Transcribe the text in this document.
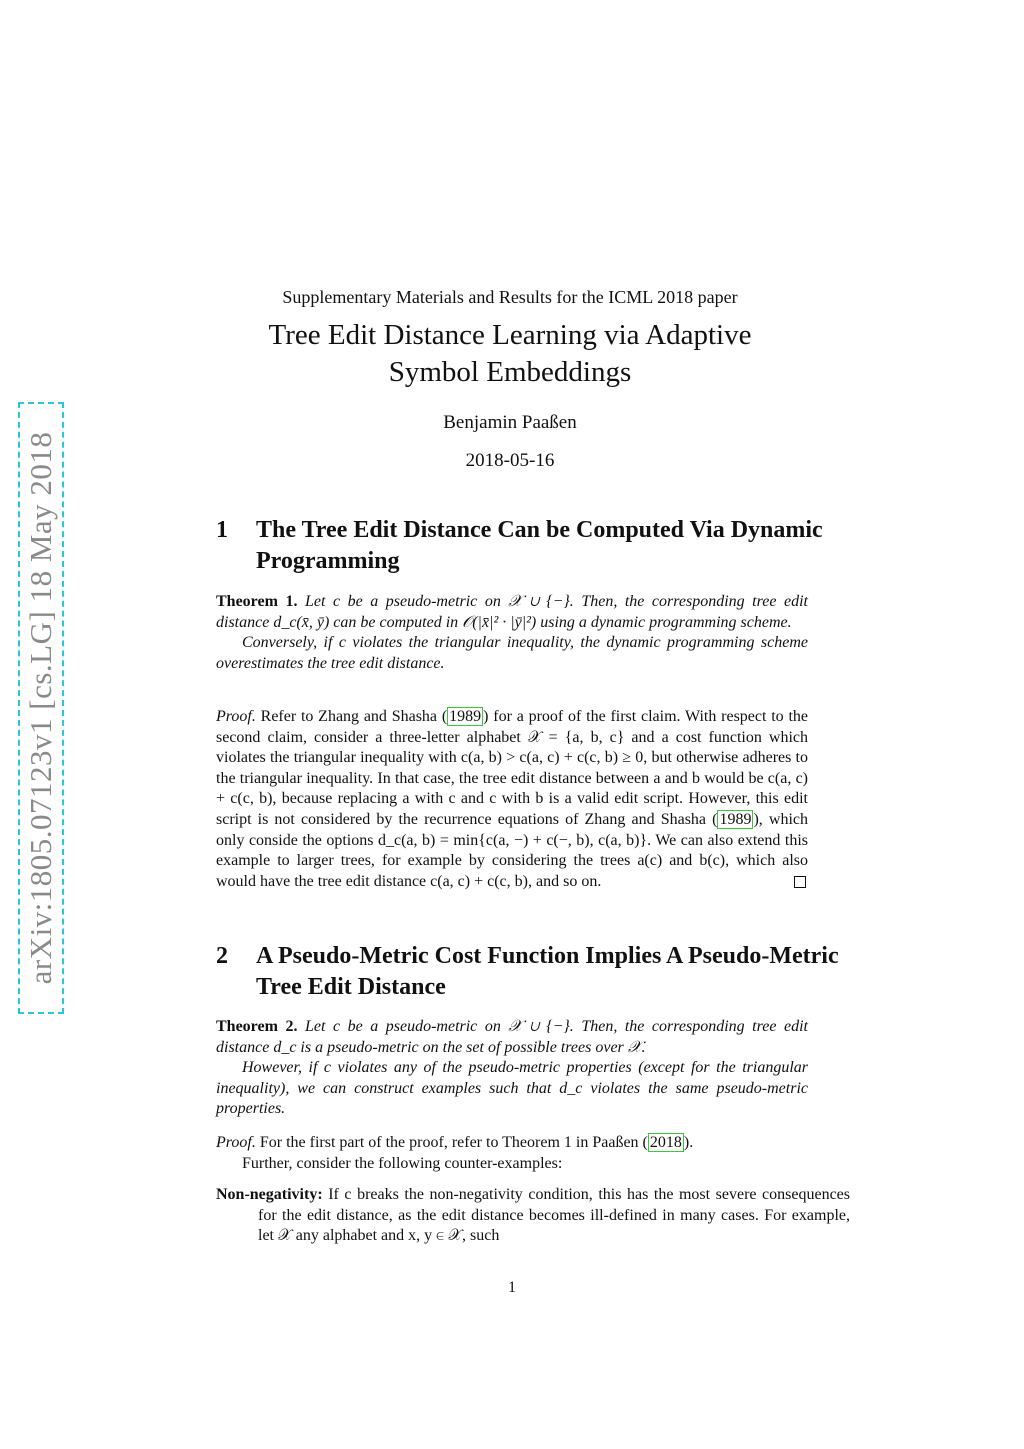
arXiv:1805.07123v1 [cs.LG] 18 May 2018
Supplementary Materials and Results for the ICML 2018 paper
Tree Edit Distance Learning via Adaptive
Symbol Embeddings
Benjamin Paaßen
2018-05-16
1 The Tree Edit Distance Can be Computed Via Dynamic Programming
Theorem 1. Let c be a pseudo-metric on 𝒳 ∪ {−}. Then, the corresponding tree edit distance d_c(x̄, ȳ) can be computed in 𝒪(|x̄|² · |ȳ|²) using a dynamic programming scheme.
Conversely, if c violates the triangular inequality, the dynamic programming scheme overestimates the tree edit distance.
Proof. Refer to Zhang and Shasha ( 1989 ) for a proof of the first claim. With respect to the second claim, consider a three-letter alphabet 𝒳 = {a, b, c} and a cost function which violates the triangular inequality with c(a, b) > c(a, c) + c(c, b) ≥ 0, but otherwise adheres to the triangular inequality. In that case, the tree edit distance between a and b would be c(a, c) + c(c, b), because replacing a with c and c with b is a valid edit script. However, this edit script is not considered by the recurrence equations of Zhang and Shasha ( 1989 ), which only conside the options d_c(a, b) = min{c(a, −) + c(−, b), c(a, b)}. We can also extend this example to larger trees, for example by considering the trees a(c) and b(c), which also would have the tree edit distance c(a, c) + c(c, b), and so on.
2 A Pseudo-Metric Cost Function Implies A Pseudo-Metric Tree Edit Distance
Theorem 2. Let c be a pseudo-metric on 𝒳 ∪ {−}. Then, the corresponding tree edit distance d_c is a pseudo-metric on the set of possible trees over 𝒳.
However, if c violates any of the pseudo-metric properties (except for the triangular inequality), we can construct examples such that d_c violates the same pseudo-metric properties.
Proof. For the first part of the proof, refer to Theorem 1 in Paaßen ( 2018 ).
Further, consider the following counter-examples:
Non-negativity: If c breaks the non-negativity condition, this has the most severe consequences for the edit distance, as the edit distance becomes ill-defined in many cases. For example, let 𝒳 any alphabet and x, y ∈ 𝒳, such
1
